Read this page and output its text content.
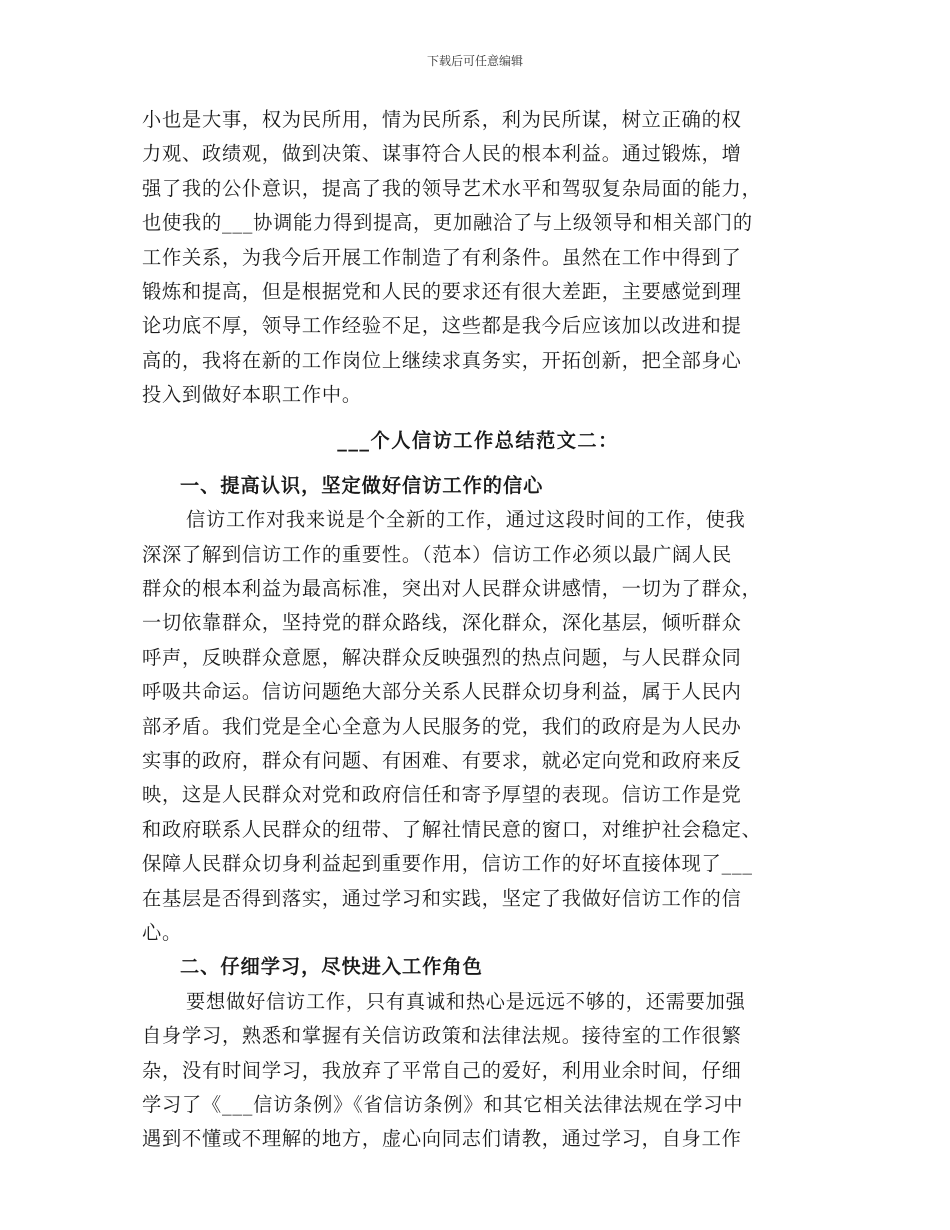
下载后可任意编辑
小也是大事，权为民所用，情为民所系，利为民所谋，树立正确的权
力观、政绩观，做到决策、谋事符合人民的根本利益。通过锻炼，增
强了我的公仆意识，提高了我的领导艺术水平和驾驭复杂局面的能力，
也使我的___协调能力得到提高，更加融洽了与上级领导和相关部门的
工作关系，为我今后开展工作制造了有利条件。虽然在工作中得到了
锻炼和提高，但是根据党和人民的要求还有很大差距，主要感觉到理
论功底不厚，领导工作经验不足，这些都是我今后应该加以改进和提
高的，我将在新的工作岗位上继续求真务实，开拓创新，把全部身心
投入到做好本职工作中。
___个人信访工作总结范文二：
一、提高认识，坚定做好信访工作的信心
信访工作对我来说是个全新的工作，通过这段时间的工作，使我
深深了解到信访工作的重要性。（范本）信访工作必须以最广阔人民
群众的根本利益为最高标准，突出对人民群众讲感情，一切为了群众，
一切依靠群众，坚持党的群众路线，深化群众，深化基层，倾听群众
呼声，反映群众意愿，解决群众反映强烈的热点问题，与人民群众同
呼吸共命运。信访问题绝大部分关系人民群众切身利益，属于人民内
部矛盾。我们党是全心全意为人民服务的党，我们的政府是为人民办
实事的政府，群众有问题、有困难、有要求，就必定向党和政府来反
映，这是人民群众对党和政府信任和寄予厚望的表现。信访工作是党
和政府联系人民群众的纽带、了解社情民意的窗口，对维护社会稳定、
保障人民群众切身利益起到重要作用，信访工作的好坏直接体现了___
在基层是否得到落实，通过学习和实践，坚定了我做好信访工作的信
心。
二、仔细学习，尽快进入工作角色
要想做好信访工作，只有真诚和热心是远远不够的，还需要加强
自身学习，熟悉和掌握有关信访政策和法律法规。接待室的工作很繁
杂，没有时间学习，我放弃了平常自己的爱好，利用业余时间，仔细
学习了《___信访条例》《省信访条例》和其它相关法律法规在学习中
遇到不懂或不理解的地方，虚心向同志们请教，通过学习，自身工作
